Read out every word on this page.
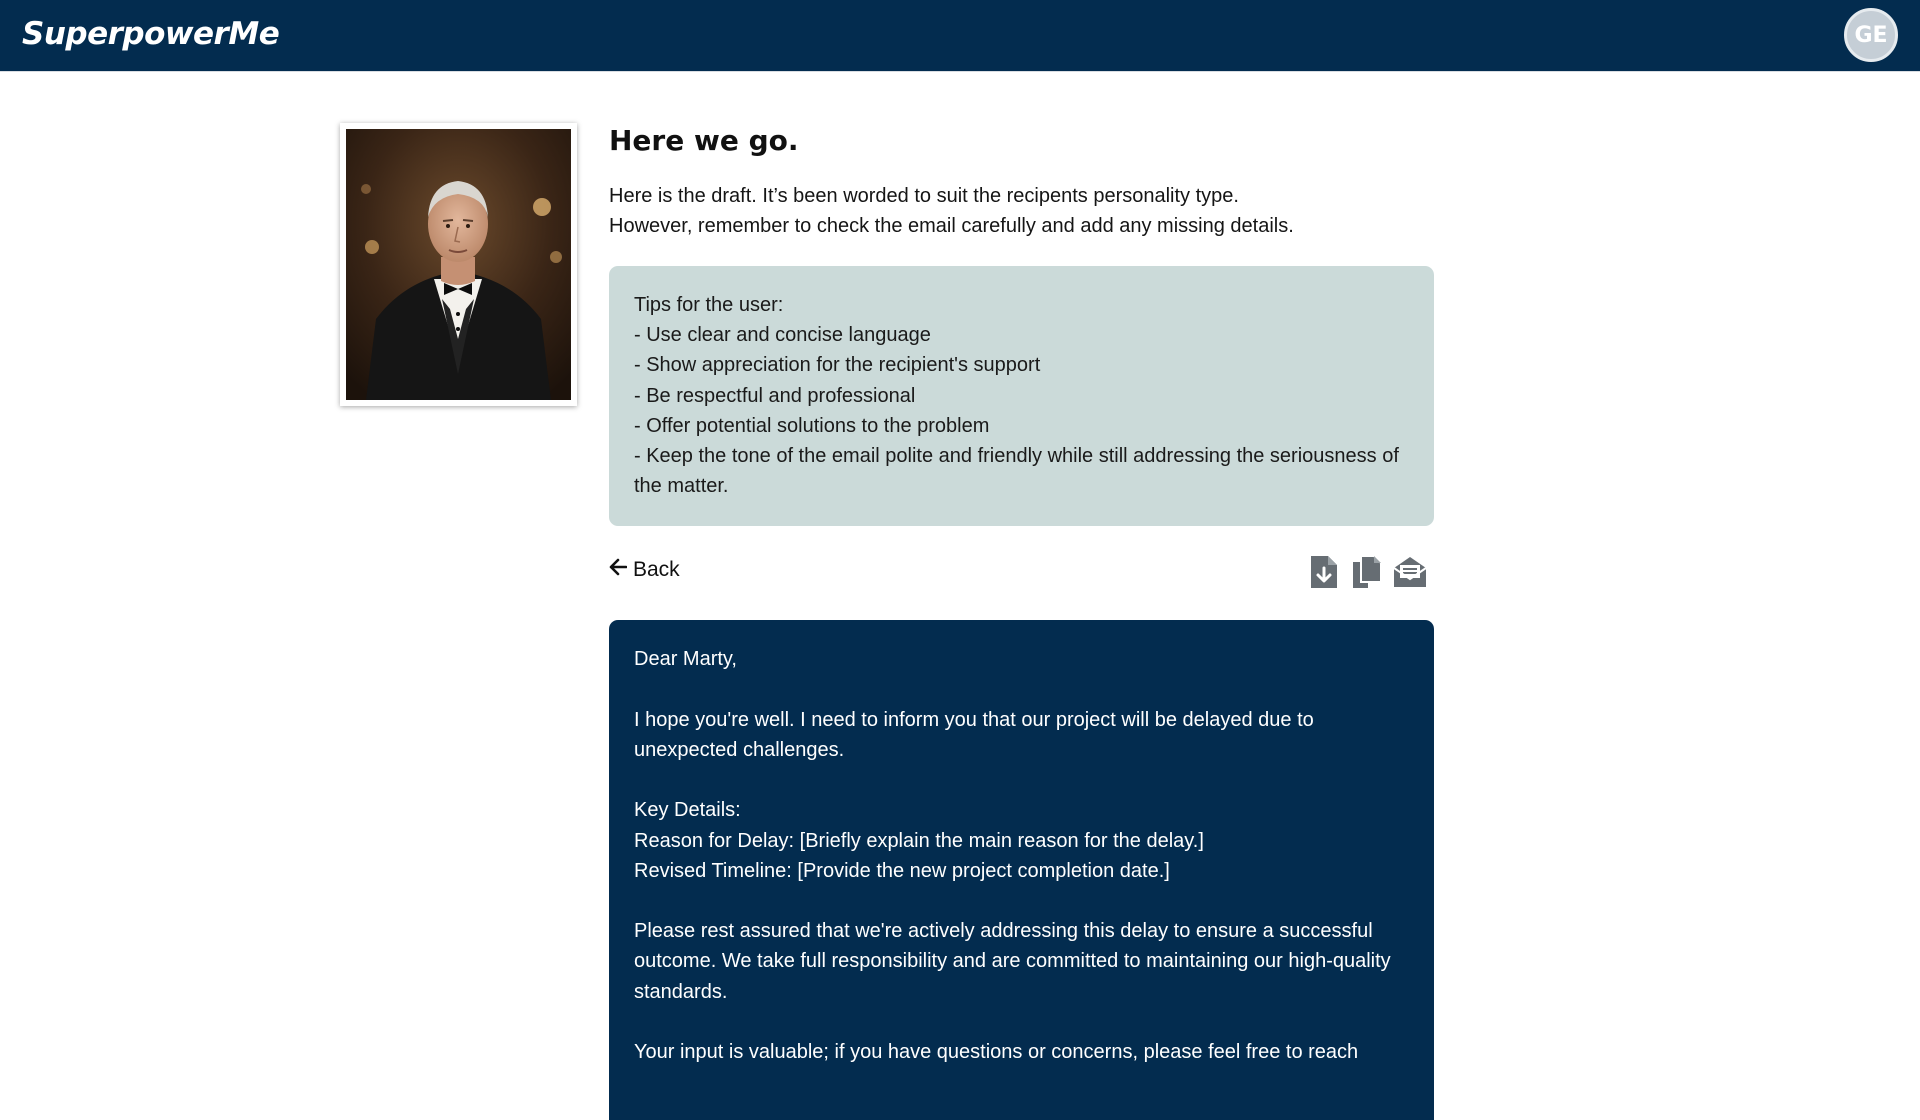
SuperpowerMe	GE
Here we go.
Here is the draft. It’s been worded to suit the recipents personality type.
However, remember to check the email carefully and add any missing details.
Tips for the user:
- Use clear and concise language
- Show appreciation for the recipient's support
- Be respectful and professional
- Offer potential solutions to the problem
- Keep the tone of the email polite and friendly while still addressing the seriousness of the matter.
Back

Dear Marty,

I hope you're well. I need to inform you that our project will be delayed due to unexpected challenges.

Key Details:
Reason for Delay: [Briefly explain the main reason for the delay.]
Revised Timeline: [Provide the new project completion date.]

Please rest assured that we're actively addressing this delay to ensure a successful outcome. We take full responsibility and are committed to maintaining our high-quality standards.

Your input is valuable; if you have questions or concerns, please feel free to reach
